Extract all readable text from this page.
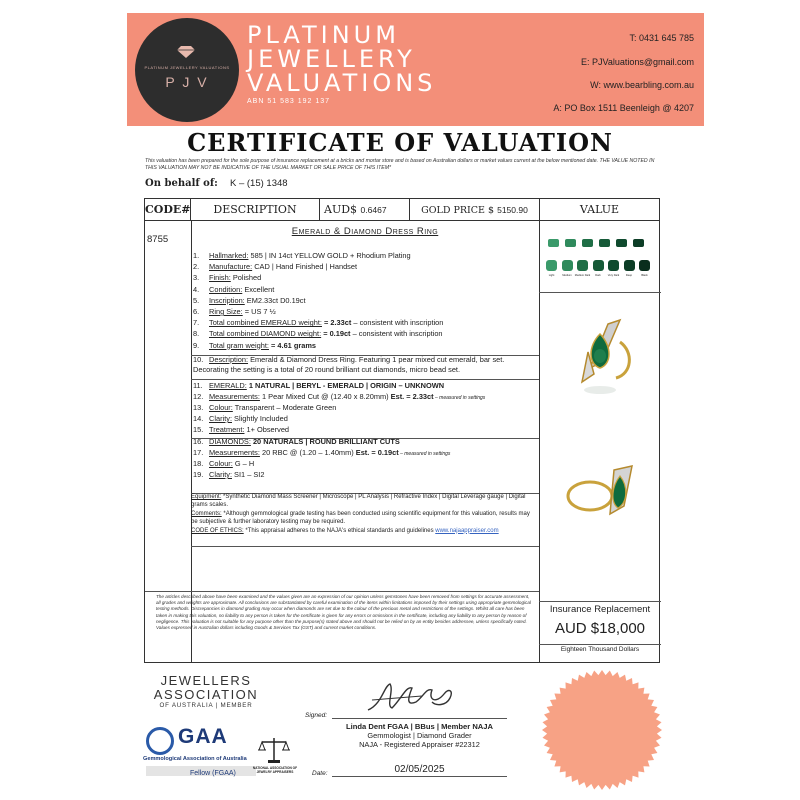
PLATINUM JEWELLERY VALUATIONS
P J V
PLATINUM
JEWELLERY
VALUATIONS
ABN 51 583 192 137
T: 0431 645 785
E: PJValuations@gmail.com
W: www.bearbling.com.au
A: PO Box 1511 Beenleigh @ 4207
CERTIFICATE OF VALUATION
This valuation has been prepared for the sole purpose of insurance replacement at a bricks and mortar store and is based on Australian dollars or market values current at the below mentioned date. THE VALUE NOTED IN THIS VALUATION MAY NOT BE INDICATIVE OF THE USUAL MARKET OR SALE PRICE OF THIS ITEM*
On behalf of: K – (15) 1348
CODE#	DESCRIPTION	AUD$ 0.6467	GOLD PRICE $ 5150.90	VALUE
8755
Emerald & Diamond Dress Ring
1. Hallmarked: 585 | IN 14ct YELLOW GOLD + Rhodium Plating
2. Manufacture: CAD | Hand Finished | Handset
3. Finish: Polished
4. Condition: Excellent
5. Inscription: EM2.33ct D0.19ct
6. Ring Size: = US 7 ½
7. Total combined EMERALD weight: = 2.33ct – consistent with inscription
8. Total combined DIAMOND weight: = 0.19ct – consistent with inscription
9. Total gram weight: = 4.61 grams
10. Description: Emerald & Diamond Dress Ring. Featuring 1 pear mixed cut emerald, bar set. Decorating the setting is a total of 20 round brilliant cut diamonds, micro bead set.
11. EMERALD: 1 NATURAL | BERYL - EMERALD | ORIGIN – UNKNOWN
12. Measurements: 1 Pear Mixed Cut @ (12.40 x 8.20mm) Est. = 2.33ct – measured in settings
13. Colour: Transparent – Moderate Green
14. Clarity: Slightly Included
15. Treatment: 1+ Observed
16. DIAMONDS: 20 NATURALS | ROUND BRILLIANT CUTS
17. Measurements: 20 RBC @ (1.20 – 1.40mm) Est. = 0.19ct – measured in settings
18. Colour: G – H
19. Clarity: SI1 – SI2
Equipment: *Synthetic Diamond Mass Screener | Microscope | PL Analysis | Refractive Index | Digital Leverage gauge | Digital grams scales.
Comments: *Although gemmological grade testing has been conducted using scientific equipment for this valuation, results may be subjective & further laboratory testing may be required.
CODE OF ETHICS: *This appraisal adheres to the NAJA's ethical standards and guidelines www.najaappraiser.com
The articles described above have been examined and the values given are an expression of our opinion unless gemstones have been removed from settings for accurate assessment, all grades and weights are approximate. All conclusions are substantiated by careful examination of the items within limitations imposed by their settings using appropriate gemmological testing methods. Discrepancies in diamond grading may occur when diamonds are set due to the colour of the precious metal and restrictions of the settings. Whilst all care has been taken in making this valuation, no liability to any person is taken for the certificate is given for any errors or omissions in the certificate, including any liability to any person by reason of negligence. This valuation is not suitable for any purpose other than the purpose(s) stated above and should not be relied on by an entity besides addressee, unless specifically noted. Values expressed in Australian dollars including Goods & Services Tax (GST) and current market conditions.
Light	Medium	Medium Dark	Dark	Very Dark	Deep	Black
Insurance Replacement
AUD $18,000
Eighteen Thousand Dollars
JEWELLERS
ASSOCIATION
OF AUSTRALIA | MEMBER
GAA
Gemmological Association of Australia
Fellow (FGAA)
NATIONAL ASSOCIATION OF JEWELRY APPRAISERS
Signed:
Linda Dent FGAA | BBus | Member NAJA
Gemmologist | Diamond Grader
NAJA - Registered Appraiser #22312
Date:	02/05/2025
